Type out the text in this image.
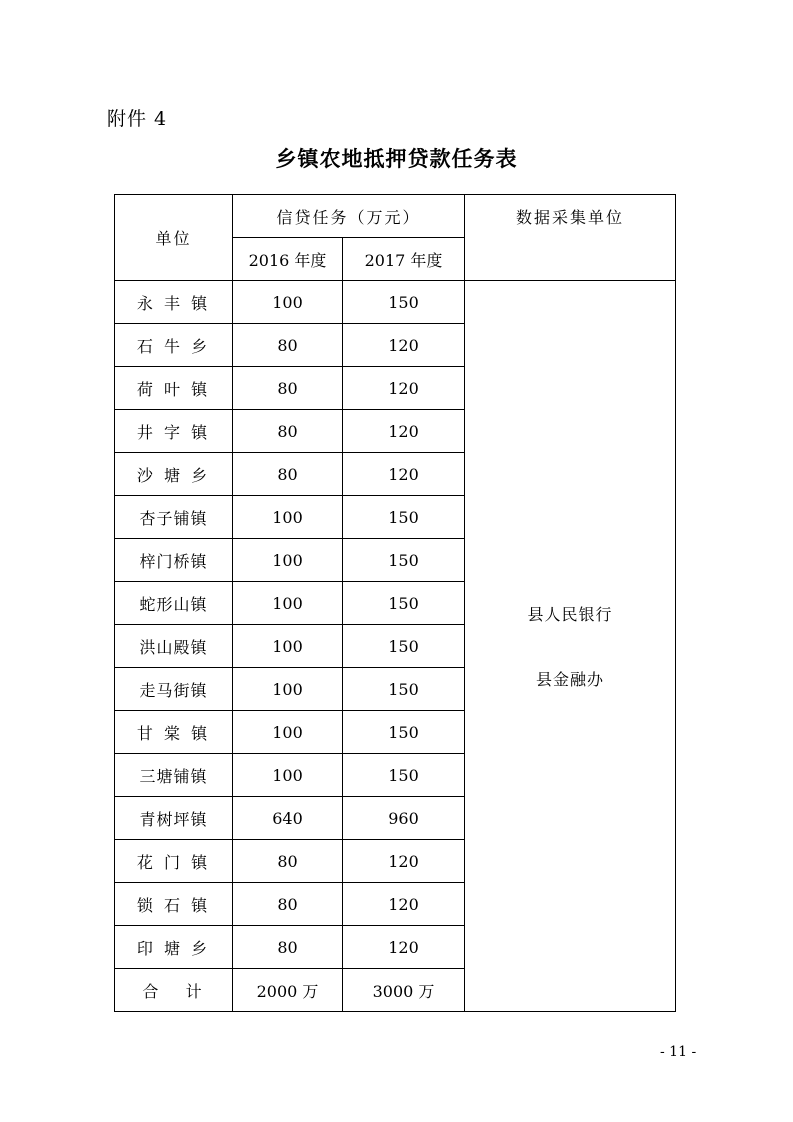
附件 4
乡镇农地抵押贷款任务表
单位	信贷任务（万元）		数据采集单位
	2016 年度	2017 年度	
永 丰 镇	100	150	县人民银行
县金融办

石 牛 乡	80	120	
荷 叶 镇	80	120	
井 字 镇	80	120	
沙 塘 乡	80	120	
杏子铺镇	100	150	
梓门桥镇	100	150	
蛇形山镇	100	150	
洪山殿镇	100	150	
走马街镇	100	150	
甘 棠 镇	100	150	
三塘铺镇	100	150	
青树坪镇	640	960	
花 门 镇	80	120	
锁 石 镇	80	120	
印 塘 乡	80	120	
合   计	2000 万	3000 万	
- 11 -
